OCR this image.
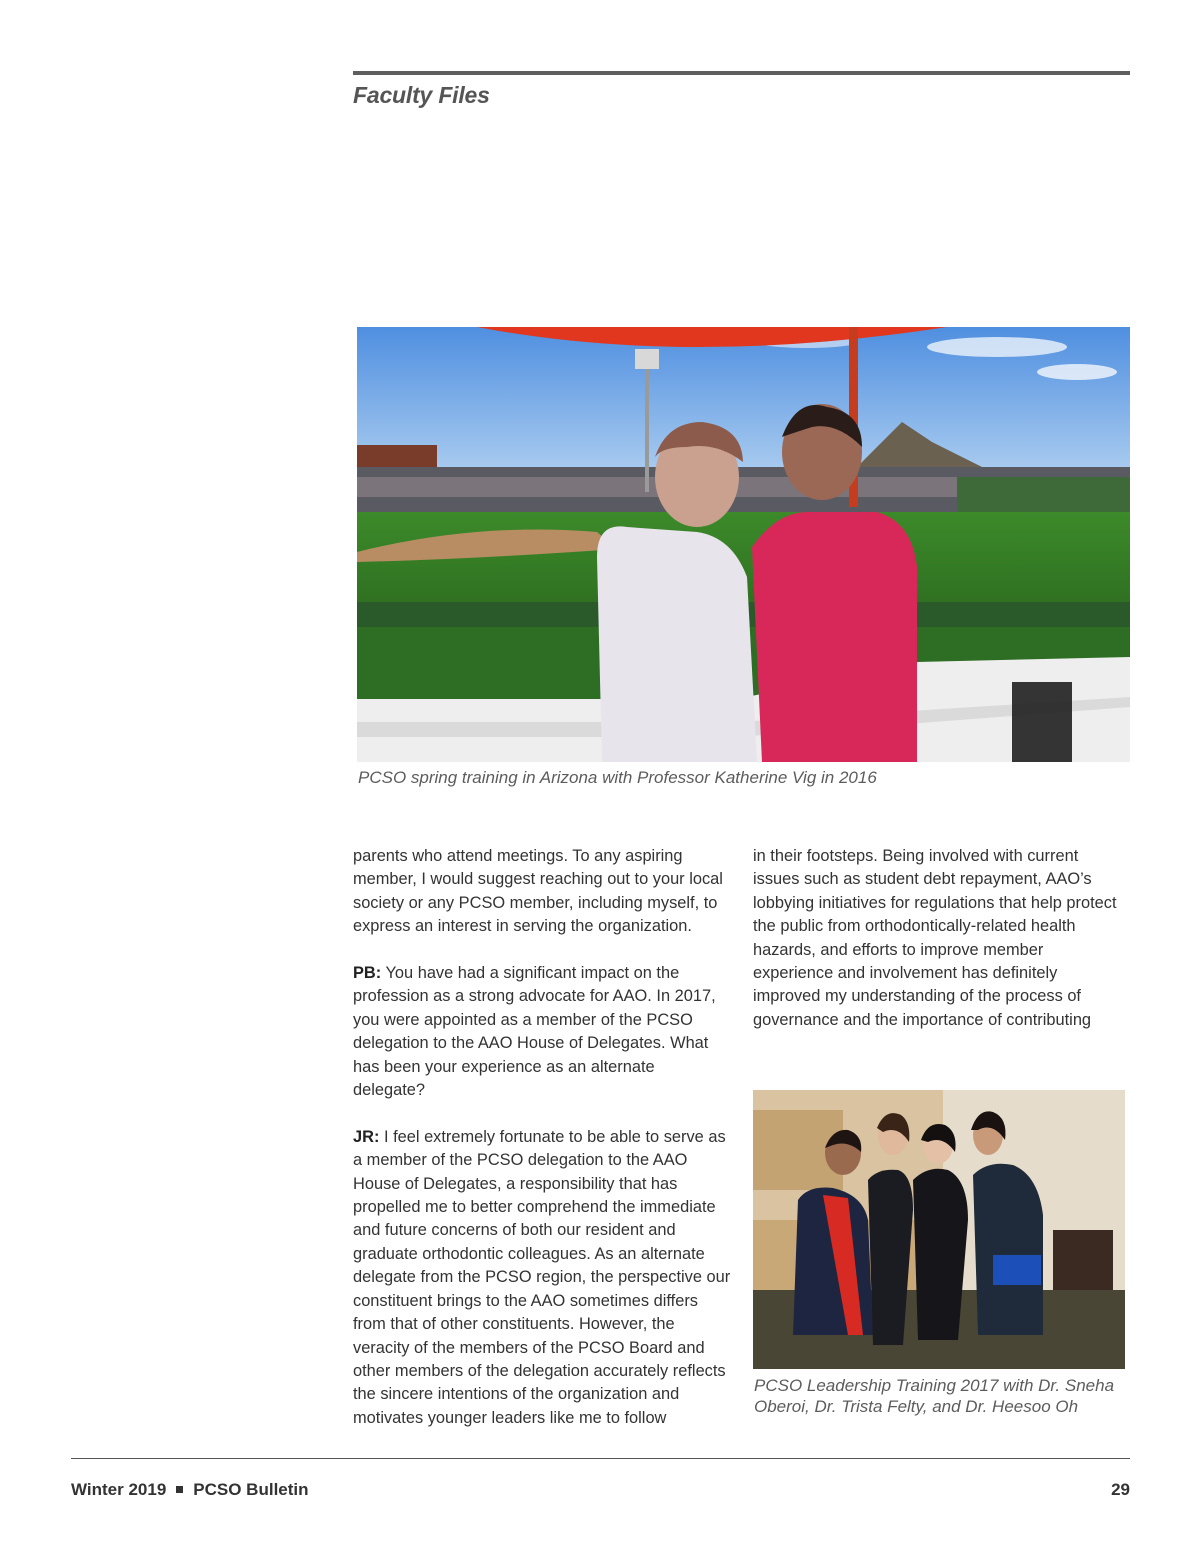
Faculty Files

PCSO spring training in Arizona with Professor Katherine Vig in 2016

parents who attend meetings. To any aspiring member, I would suggest reaching out to your local society or any PCSO member, including myself, to express an interest in serving the organization.

PB: You have had a significant impact on the profession as a strong advocate for AAO. In 2017, you were appointed as a member of the PCSO delegation to the AAO House of Delegates. What has been your experience as an alternate delegate?

JR: I feel extremely fortunate to be able to serve as a member of the PCSO delegation to the AAO House of Delegates, a responsibility that has propelled me to better comprehend the immediate and future concerns of both our resident and graduate orthodontic colleagues. As an alternate delegate from the PCSO region, the perspective our constituent brings to the AAO sometimes differs from that of other constituents. However, the veracity of the members of the PCSO Board and other members of the delegation accurately reflects the sincere intentions of the organization and motivates younger leaders like me to follow

in their footsteps. Being involved with current issues such as student debt repayment, AAO’s lobbying initiatives for regulations that help protect the public from orthodontically-related health hazards, and efforts to improve member experience and involvement has definitely improved my understanding of the process of governance and the importance of contributing

PCSO Leadership Training 2017 with Dr. Sneha Oberoi, Dr. Trista Felty, and Dr. Heesoo Oh

Winter 2019 PCSO Bulletin	29
